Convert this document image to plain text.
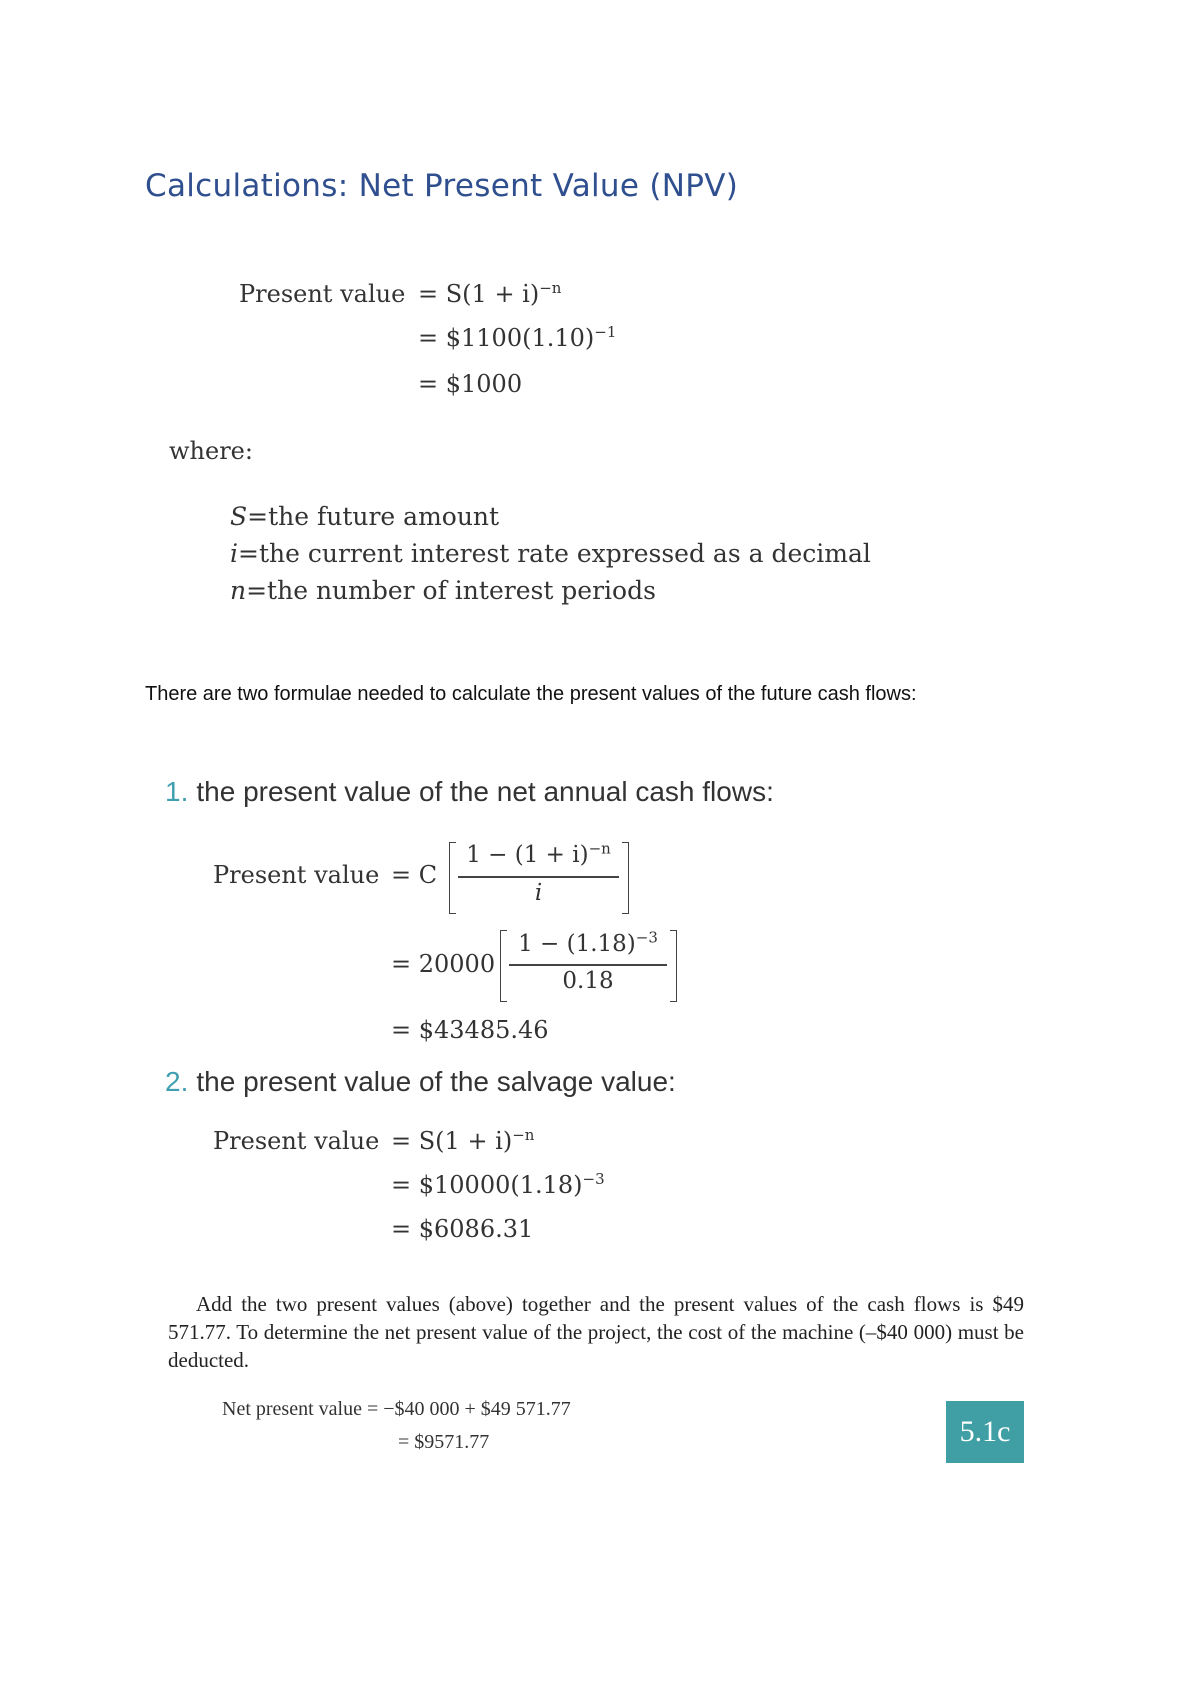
Calculations: Net Present Value (NPV)
Present value = $S(1 + i)^{-n}$
= $\$1100(1.10)^{-1}$
= $1000
where:
S=the future amount
i=the current interest rate expressed as a decimal
n=the number of interest periods
There are two formulae needed to calculate the present values of the future cash flows:
1. the present value of the net annual cash flows:
Present value = C
$1 - (1 + i)^{-n}$
i
= 20000
$1 - (1.18)^{-3}$
0.18
= $43485.46
2. the present value of the salvage value:
Present value = $S(1 + i)^{-n}$
= $\$10000(1.18)^{-3}$
= $6086.31
Add the two present values (above) together and the present values of the cash flows is $49 571.77. To determine the net present value of the project, the cost of the machine (–$40 000) must be deducted.
Net present value = −$40 000 + $49 571.77
= $9571.77	5.1c
